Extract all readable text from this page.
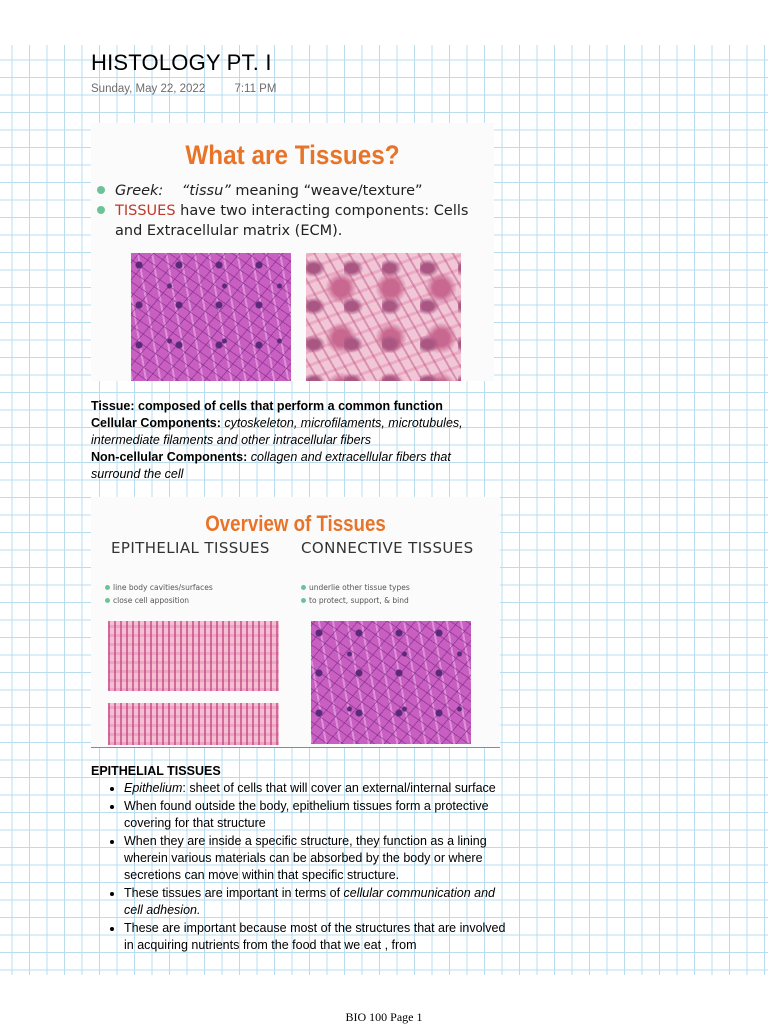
HISTOLOGY PT. I
Sunday, May 22, 2022	7:11 PM
What are Tissues?
Greek: “tissu” meaning “weave/texture”
TISSUES have two interacting components: Cells
and Extracellular matrix (ECM).

Tissue: composed of cells that perform a common function

Cellular Components: cytoskeleton, microfilaments, microtubules, intermediate filaments and other intracellular fibers

Non-cellular Components: collagen and extracellular fibers that surround the cell

Overview of Tissues
EPITHELIAL TISSUES CONNECTIVE TISSUES
line body cavities/surfaces
close cell apposition
underlie other tissue types
to protect, support, & bind
EPITHELIAL TISSUES
• Epithelium: sheet of cells that will cover an external/internal surface
• When found outside the body, epithelium tissues form a protective covering for that structure
• When they are inside a specific structure, they function as a lining wherein various materials can be absorbed by the body or where secretions can move within that specific structure.
• These tissues are important in terms of cellular communication and cell adhesion.
• These are important because most of the structures that are involved in acquiring nutrients from the food that we eat , from
BIO 100 Page 1
